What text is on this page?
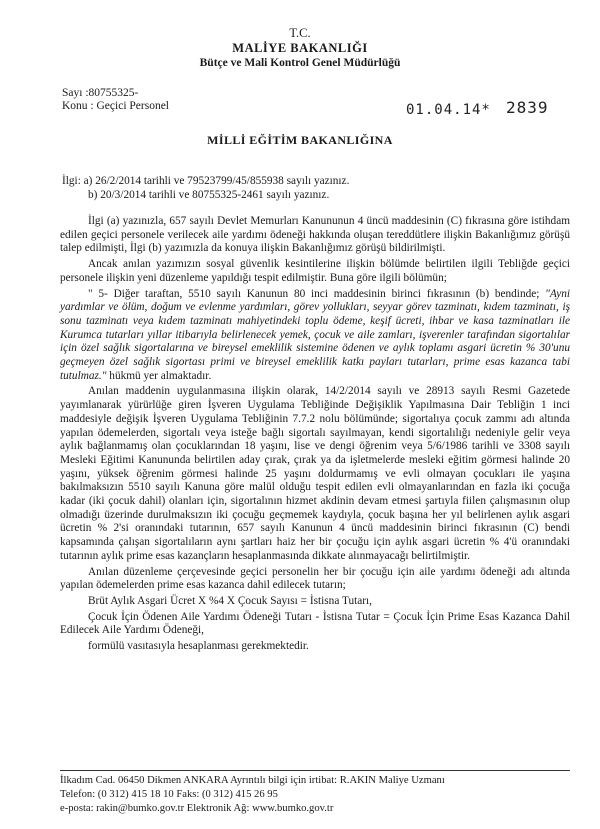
T.C.
MALİYE BAKANLIĞI
Bütçe ve Mali Kontrol Genel Müdürlüğü
Sayı :80755325-
Konu : Geçici Personel	01.04.14* 2839
MİLLİ EĞİTİM BAKANLIĞINA
İlgi: a) 26/2/2014 tarihli ve 79523799/45/855938 sayılı yazınız.
b) 20/3/2014 tarihli ve 80755325-2461 sayılı yazınız.

İlgi (a) yazınızla, 657 sayılı Devlet Memurları Kanununun 4 üncü maddesinin (C) fıkrasına göre istihdam edilen geçici personele verilecek aile yardımı ödeneği hakkında oluşan tereddütlere ilişkin Bakanlığımız görüşü talep edilmişti, İlgi (b) yazımızla da konuya ilişkin Bakanlığımız görüşü bildirilmişti.

Ancak anılan yazımızın sosyal güvenlik kesintilerine ilişkin bölümde belirtilen ilgili Tebliğde geçici personele ilişkin yeni düzenleme yapıldığı tespit edilmiştir. Buna göre ilgili bölümün;

" 5- Diğer taraftan, 5510 sayılı Kanunun 80 inci maddesinin birinci fıkrasının (b) bendinde; "Ayni yardımlar ve ölüm, doğum ve evlenme yardımları, görev yollukları, seyyar görev tazminatı, kıdem tazminatı, iş sonu tazminatı veya kıdem tazminatı mahiyetindeki toplu ödeme, keşif ücreti, ihbar ve kasa tazminatları ile Kurumca tutarları yıllar itibarıyla belirlenecek yemek, çocuk ve aile zamları, işverenler tarafından sigortalılar için özel sağlık sigortalarına ve bireysel emeklilik sistemine ödenen ve aylık toplamı asgari ücretin % 30'unu geçmeyen özel sağlık sigortası primi ve bireysel emeklilik katkı payları tutarları, prime esas kazanca tabi tutulmaz." hükmü yer almaktadır.

Anılan maddenin uygulanmasına ilişkin olarak, 14/2/2014 sayılı ve 28913 sayılı Resmi Gazetede yayımlanarak yürürlüğe giren İşveren Uygulama Tebliğinde Değişiklik Yapılmasına Dair Tebliğin 1 inci maddesiyle değişik İşveren Uygulama Tebliğinin 7.7.2 nolu bölümünde; sigortalıya çocuk zammı adı altında yapılan ödemelerden, sigortalı veya isteğe bağlı sigortalı sayılmayan, kendi sigortalılığı nedeniyle gelir veya aylık bağlanmamış olan çocuklarından 18 yaşını, lise ve dengi öğrenim veya 5/6/1986 tarihli ve 3308 sayılı Mesleki Eğitimi Kanununda belirtilen aday çırak, çırak ya da işletmelerde mesleki eğitim görmesi halinde 20 yaşını, yüksek öğrenim görmesi halinde 25 yaşını doldurmamış ve evli olmayan çocukları ile yaşına bakılmaksızın 5510 sayılı Kanuna göre malül olduğu tespit edilen evli olmayanlarından en fazla iki çocuğa kadar (iki çocuk dahil) olanları için, sigortalının hizmet akdinin devam etmesi şartıyla fiilen çalışmasının olup olmadığı üzerinde durulmaksızın iki çocuğu geçmemek kaydıyla, çocuk başına her yıl belirlenen aylık asgari ücretin % 2'si oranındaki tutarının, 657 sayılı Kanunun 4 üncü maddesinin birinci fıkrasının (C) bendi kapsamında çalışan sigortalıların aynı şartları haiz her bir çocuğu için aylık asgari ücretin % 4'ü oranındaki tutarının aylık prime esas kazançların hesaplanmasında dikkate alınmayacağı belirtilmiştir.

Anılan düzenleme çerçevesinde geçici personelin her bir çocuğu için aile yardımı ödeneği adı altında yapılan ödemelerden prime esas kazanca dahil edilecek tutarın;

Brüt Aylık Asgari Ücret X %4 X Çocuk Sayısı = İstisna Tutarı,

Çocuk İçin Ödenen Aile Yardımı Ödeneği Tutarı - İstisna Tutar = Çocuk İçin Prime Esas Kazanca Dahil Edilecek Aile Yardımı Ödeneği,

formülü vasıtasıyla hesaplanması gerekmektedir.

İlkadım Cad. 06450 Dikmen ANKARA Ayrıntılı bilgi için irtibat: R.AKIN Maliye Uzmanı
Telefon: (0 312) 415 18 10 Faks: (0 312) 415 26 95
e-posta: rakin@bumko.gov.tr Elektronik Ağ: www.bumko.gov.tr
